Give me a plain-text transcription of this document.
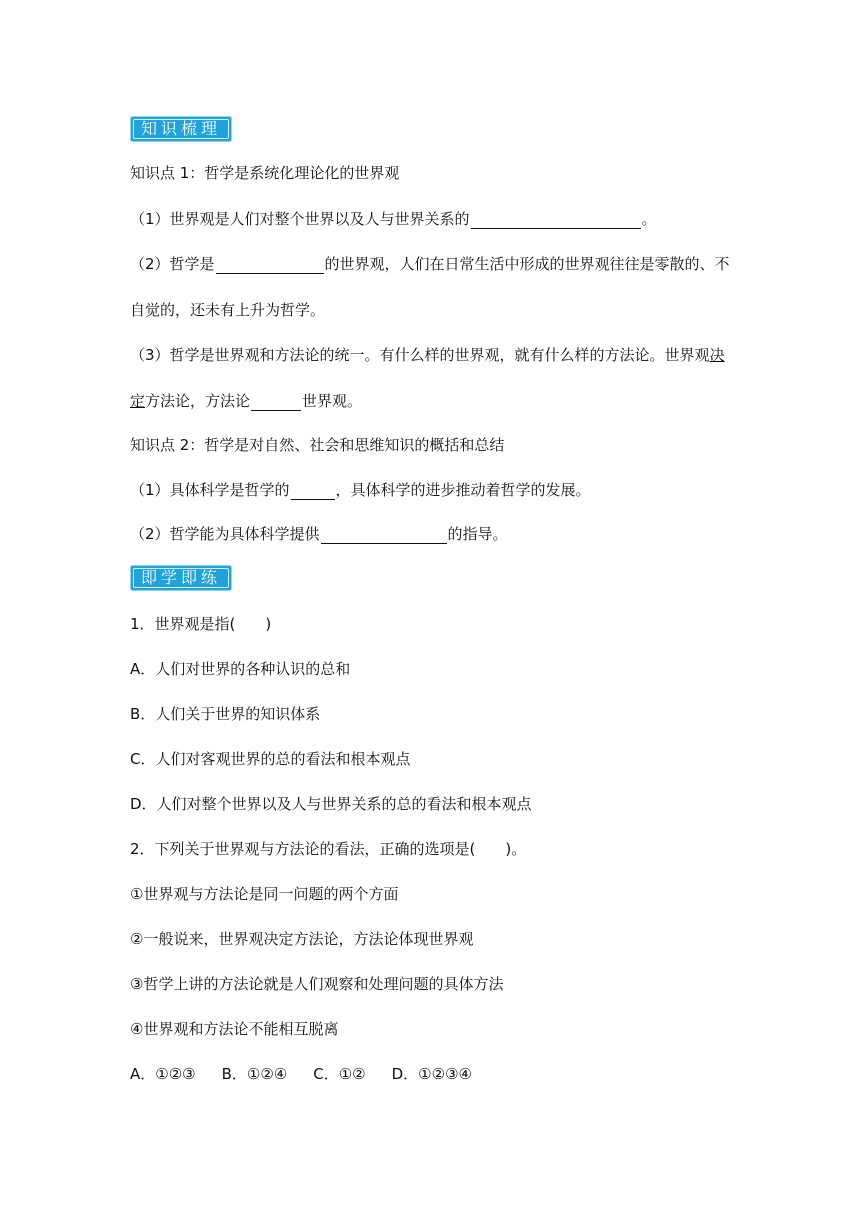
知识梳理
知识点 1：哲学是系统化理论化的世界观
（1）世界观是人们对整个世界以及人与世界关系的	。
（2）哲学是	的世界观，人们在日常生活中形成的世界观往往是零散的、不
自觉的，还未有上升为哲学。
（3）哲学是世界观和方法论的统一。有什么样的世界观，就有什么样的方法论。世界观决
定方法论，方法论	世界观。
知识点 2：哲学是对自然、社会和思维知识的概括和总结
（1）具体科学是哲学的	，具体科学的进步推动着哲学的发展。
（2）哲学能为具体科学提供	的指导。
即学即练
1．世界观是指(　　)
A．人们对世界的各种认识的总和
B．人们关于世界的知识体系
C．人们对客观世界的总的看法和根本观点
D．人们对整个世界以及人与世界关系的总的看法和根本观点
2．下列关于世界观与方法论的看法，正确的选项是(　　)。
①世界观与方法论是同一问题的两个方面
②一般说来，世界观决定方法论，方法论体现世界观
③哲学上讲的方法论就是人们观察和处理问题的具体方法
④世界观和方法论不能相互脱离
A．①②③ B．①②④ C．①② D．①②③④
